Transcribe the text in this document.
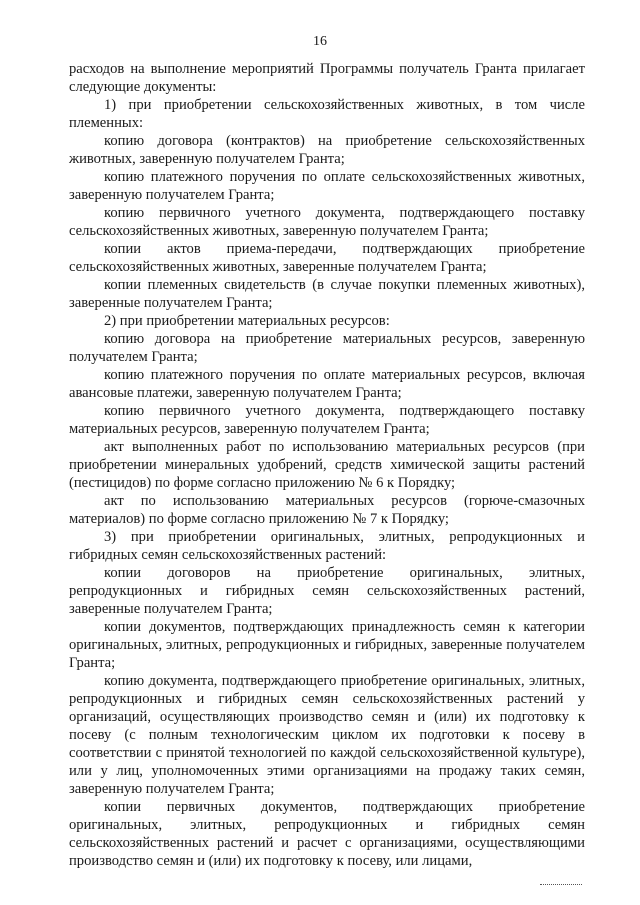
16

расходов на выполнение мероприятий Программы получатель Гранта прилагает следующие документы:

1) при приобретении сельскохозяйственных животных, в том числе племенных:

копию договора (контрактов) на приобретение сельскохозяйственных животных, заверенную получателем Гранта;

копию платежного поручения по оплате сельскохозяйственных животных, заверенную получателем Гранта;

копию первичного учетного документа, подтверждающего поставку сельскохозяйственных животных, заверенную получателем Гранта;

копии актов приема-передачи, подтверждающих приобретение сельскохозяйственных животных, заверенные получателем Гранта;

копии племенных свидетельств (в случае покупки племенных животных), заверенные получателем Гранта;

2) при приобретении материальных ресурсов:

копию договора на приобретение материальных ресурсов, заверенную получателем Гранта;

копию платежного поручения по оплате материальных ресурсов, включая авансовые платежи, заверенную получателем Гранта;

копию первичного учетного документа, подтверждающего поставку материальных ресурсов, заверенную получателем Гранта;

акт выполненных работ по использованию материальных ресурсов (при приобретении минеральных удобрений, средств химической защиты растений (пестицидов) по форме согласно приложению № 6 к Порядку;

акт по использованию материальных ресурсов (горюче-смазочных материалов) по форме согласно приложению № 7 к Порядку;

3) при приобретении оригинальных, элитных, репродукционных и гибридных семян сельскохозяйственных растений:

копии договоров на приобретение оригинальных, элитных, репродукционных и гибридных семян сельскохозяйственных растений, заверенные получателем Гранта;

копии документов, подтверждающих принадлежность семян к категории оригинальных, элитных, репродукционных и гибридных, заверенные получателем Гранта;

копию документа, подтверждающего приобретение оригинальных, элитных, репродукционных и гибридных семян сельскохозяйственных растений у организаций, осуществляющих производство семян и (или) их подготовку к посеву (с полным технологическим циклом их подготовки к посеву в соответствии с принятой технологией по каждой сельскохозяйственной культуре), или у лиц, уполномоченных этими организациями на продажу таких семян, заверенную получателем Гранта;

копии первичных документов, подтверждающих приобретение оригинальных, элитных, репродукционных и гибридных семян сельскохозяйственных растений и расчет с организациями, осуществляющими производство семян и (или) их подготовку к посеву, или лицами,
